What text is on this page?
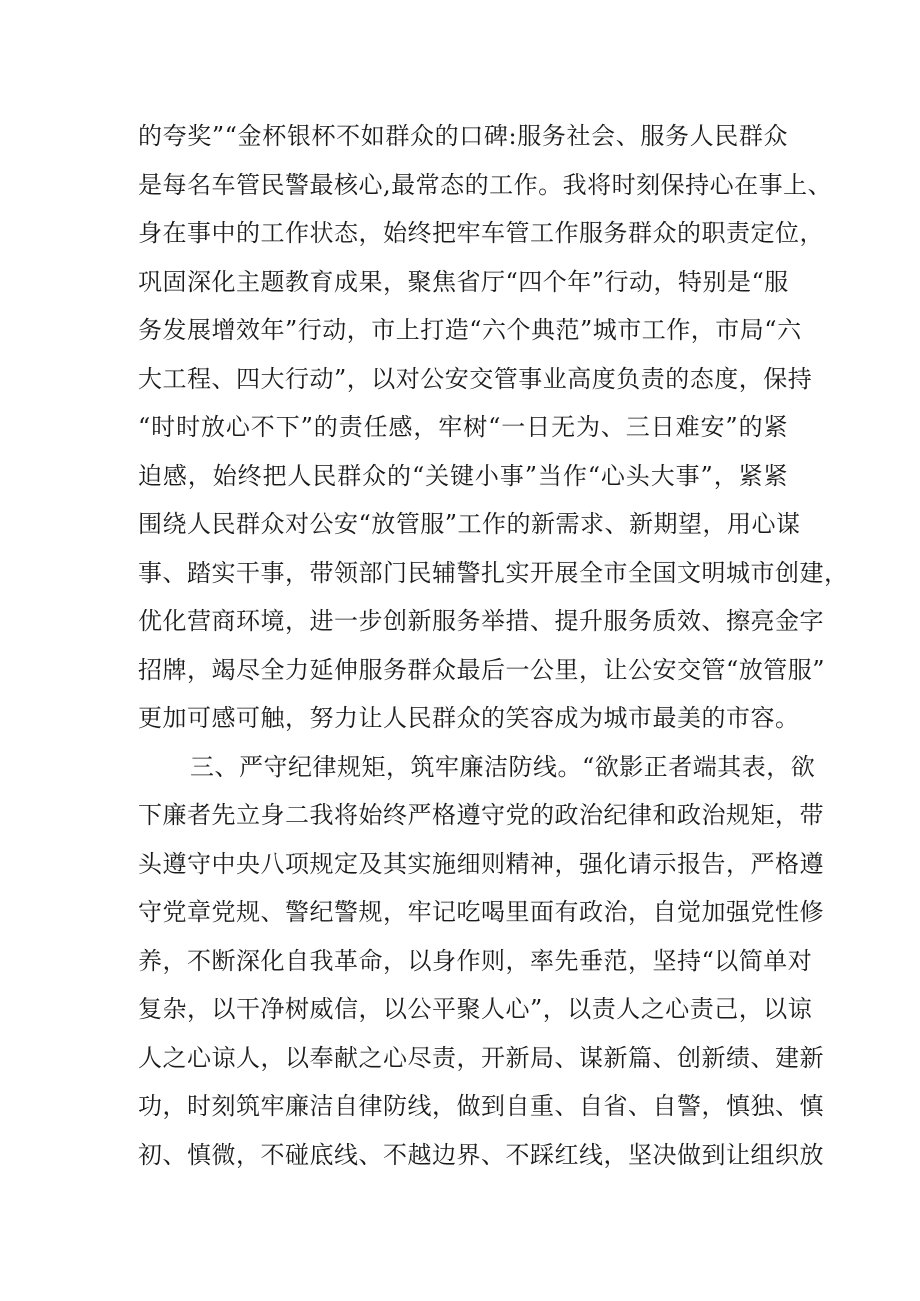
的夸奖”“金杯银杯不如群众的口碑:服务社会、服务人民群众
是每名车管民警最核心,最常态的工作。我将时刻保持心在事上、
身在事中的工作状态，始终把牢车管工作服务群众的职责定位，
巩固深化主题教育成果，聚焦省厅“四个年”行动，特别是“服
务发展增效年”行动，市上打造“六个典范”城市工作，市局“六
大工程、四大行动”，以对公安交管事业高度负责的态度，保持
“时时放心不下”的责任感，牢树“一日无为、三日难安”的紧
迫感，始终把人民群众的“关键小事”当作“心头大事”，紧紧
围绕人民群众对公安“放管服”工作的新需求、新期望，用心谋
事、踏实干事，带领部门民辅警扎实开展全市全国文明城市创建，
优化营商环境，进一步创新服务举措、提升服务质效、擦亮金字
招牌，竭尽全力延伸服务群众最后一公里，让公安交管“放管服”
更加可感可触，努力让人民群众的笑容成为城市最美的市容。
三、严守纪律规矩，筑牢廉洁防线。“欲影正者端其表，欲
下廉者先立身二我将始终严格遵守党的政治纪律和政治规矩，带
头遵守中央八项规定及其实施细则精神，强化请示报告，严格遵
守党章党规、警纪警规，牢记吃喝里面有政治，自觉加强党性修
养，不断深化自我革命，以身作则，率先垂范，坚持“以简单对
复杂，以干净树威信，以公平聚人心”，以责人之心责己，以谅
人之心谅人，以奉献之心尽责，开新局、谋新篇、创新绩、建新
功，时刻筑牢廉洁自律防线，做到自重、自省、自警，慎独、慎
初、慎微，不碰底线、不越边界、不踩红线，坚决做到让组织放
